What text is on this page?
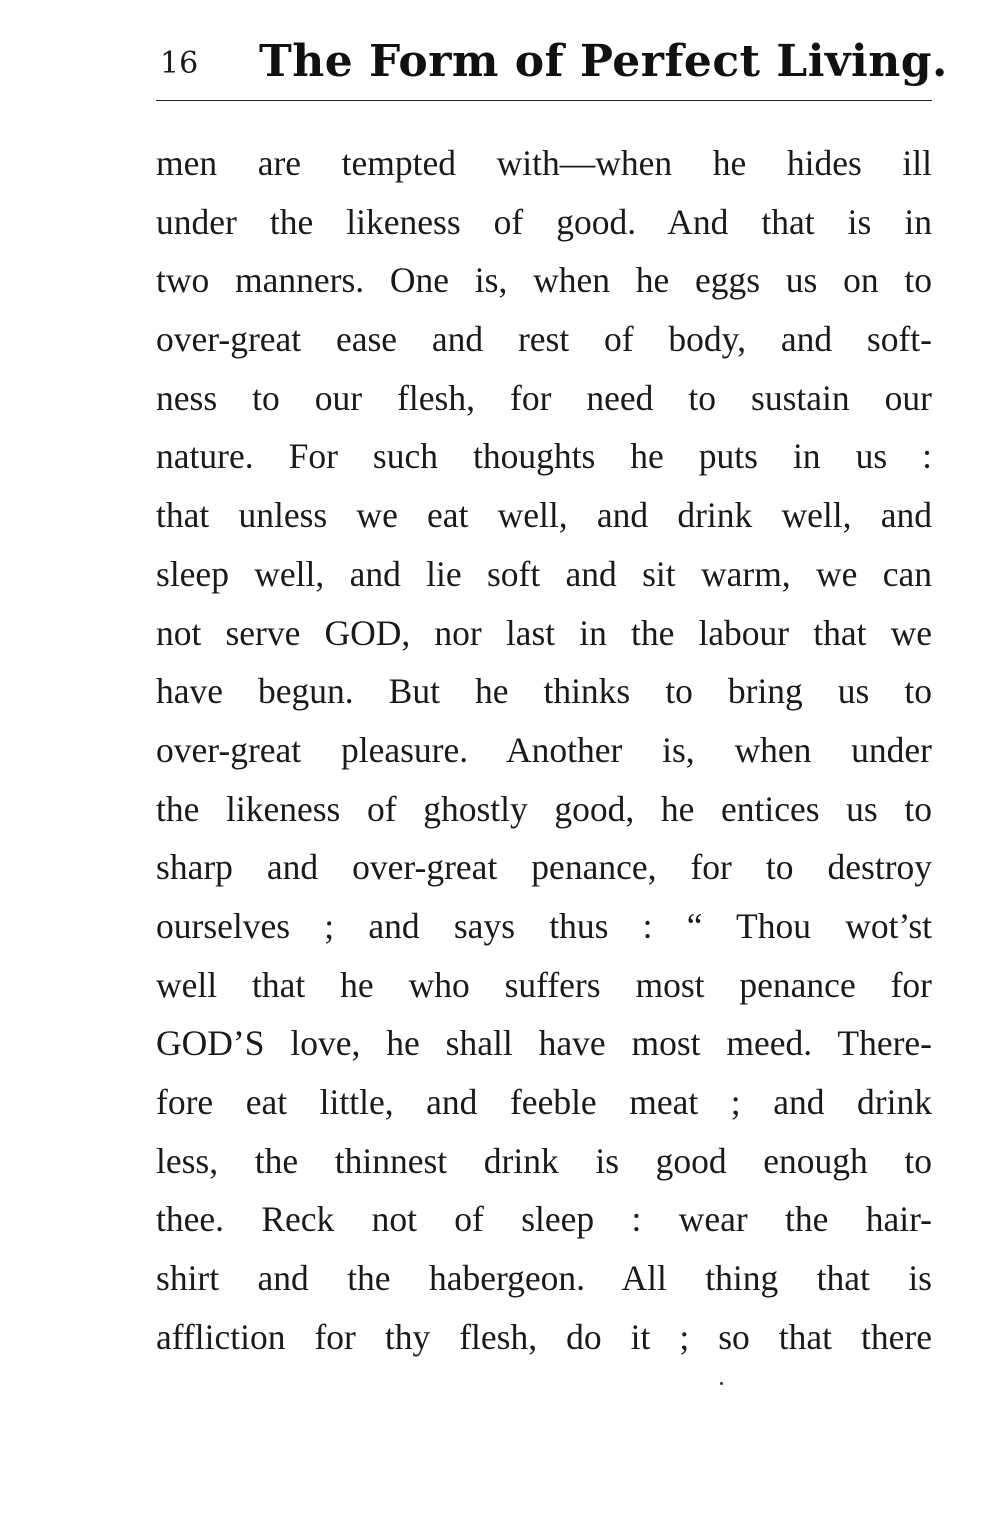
16 The Form of Perfect Living.
men are tempted with—when he hides ill
under the likeness of good. And that is in
two manners. One is, when he eggs us on to
over-great ease and rest of body, and soft-
ness to our flesh, for need to sustain our
nature. For such thoughts he puts in us :
that unless we eat well, and drink well, and
sleep well, and lie soft and sit warm, we can
not serve GOD, nor last in the labour that we
have begun. But he thinks to bring us to
over-great pleasure. Another is, when under
the likeness of ghostly good, he entices us to
sharp and over-great penance, for to destroy
ourselves ; and says thus : “ Thou wot’st
well that he who suffers most penance for
GOD’S love, he shall have most meed. There-
fore eat little, and feeble meat ; and drink
less, the thinnest drink is good enough to
thee. Reck not of sleep : wear the hair-
shirt and the habergeon. All thing that is
affliction for thy flesh, do it ; so that there
